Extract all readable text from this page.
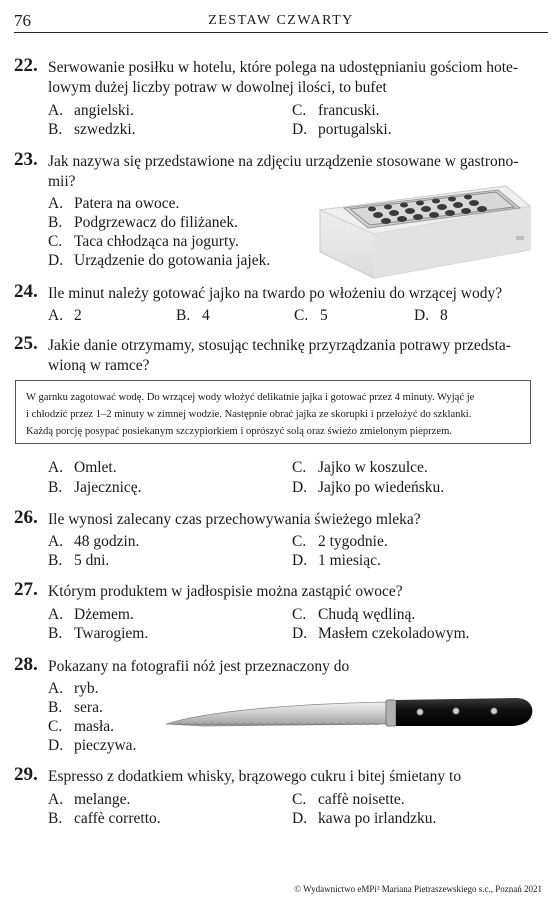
76	ZESTAW CZWARTY
22. Serwowanie posiłku w hotelu, które polega na udostępnianiu gościom hote-
lowym dużej liczby potraw w dowolnej ilości, to bufet
A. angielski.
B. szwedzki.
C. francuski.
D. portugalski.
23. Jak nazywa się przedstawione na zdjęciu urządzenie stosowane w gastrono-
mii?
A. Patera na owoce.
B. Podgrzewacz do filiżanek.
C. Taca chłodząca na jogurty.
D. Urządzenie do gotowania jajek.
24. Ile minut należy gotować jajko na twardo po włożeniu do wrzącej wody?
A. 2	B. 4	C. 5	D. 8
25. Jakie danie otrzymamy, stosując technikę przyrządzania potrawy przedsta-
wioną w ramce?
W garnku zagotować wodę. Do wrzącej wody włożyć delikatnie jajka i gotować przez 4 minuty. Wyjąć je
i chłodzić przez 1–2 minuty w zimnej wodzie. Następnie obrać jajka ze skorupki i przełożyć do szklanki.
Każdą porcję posypać posiekanym szczypiorkiem i oprószyć solą oraz świeżo zmielonym pieprzem.
A. Omlet.
B. Jajecznicę.
C. Jajko w koszulce.
D. Jajko po wiedeńsku.
26. Ile wynosi zalecany czas przechowywania świeżego mleka?
A. 48 godzin.
B. 5 dni.
C. 2 tygodnie.
D. 1 miesiąc.
27. Którym produktem w jadłospisie można zastąpić owoce?
A. Dżemem.
B. Twarogiem.
C. Chudą wędliną.
D. Masłem czekoladowym.
28. Pokazany na fotografii nóż jest przeznaczony do
A. ryb.
B. sera.
C. masła.
D. pieczywa.
29. Espresso z dodatkiem whisky, brązowego cukru i bitej śmietany to
A. melange.
B. caffè corretto.
C. caffè noisette.
D. kawa po irlandzku.
© Wydawnictwo eMPi² Mariana Pietraszewskiego s.c., Poznań 2021
